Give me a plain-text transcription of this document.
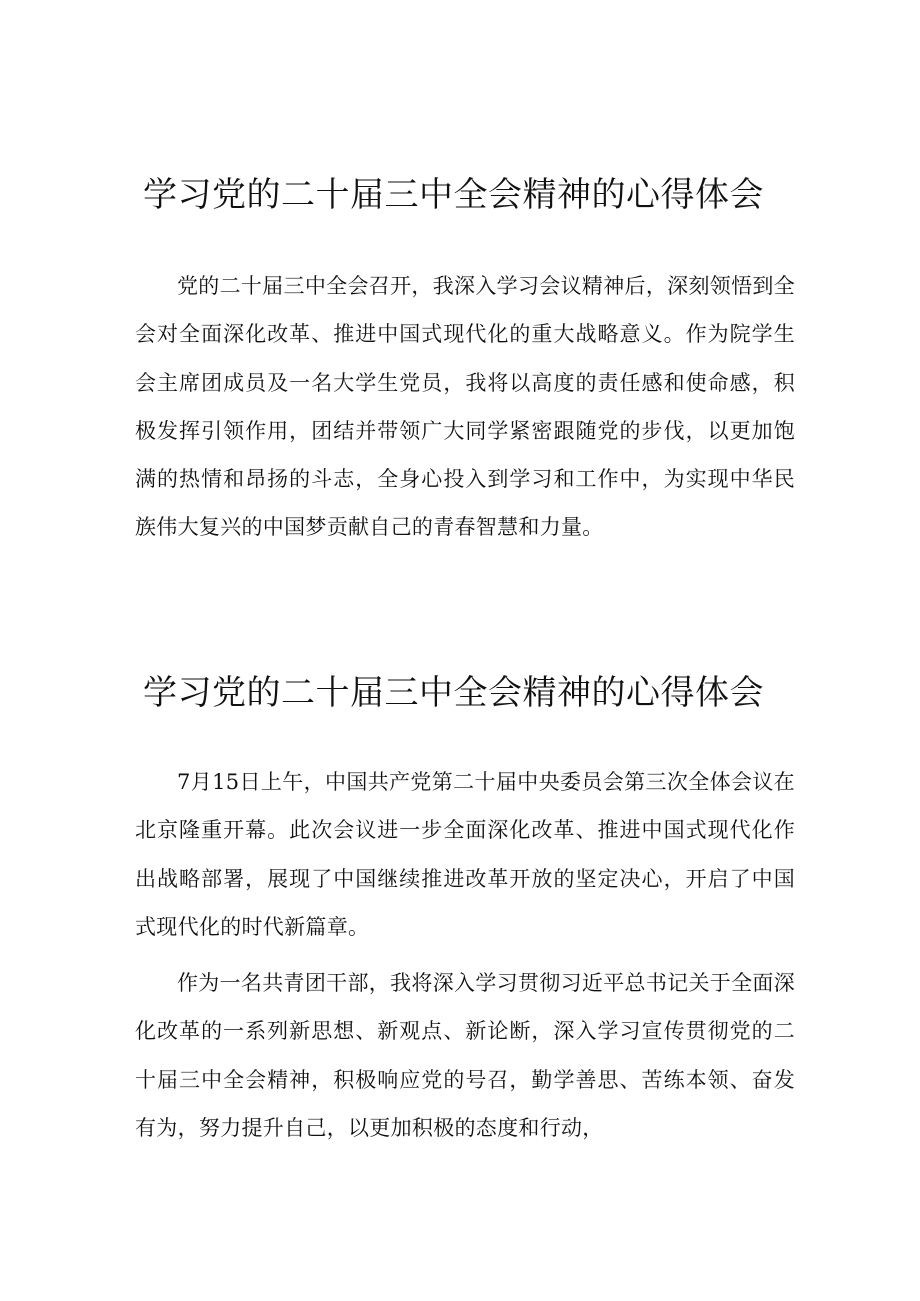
学习党的二十届三中全会精神的心得体会

党的二十届三中全会召开，我深入学习会议精神后，深刻领悟到全会对全面深化改革、推进中国式现代化的重大战略意义。作为院学生会主席团成员及一名大学生党员，我将以高度的责任感和使命感，积极发挥引领作用，团结并带领广大同学紧密跟随党的步伐，以更加饱满的热情和昂扬的斗志，全身心投入到学习和工作中，为实现中华民族伟大复兴的中国梦贡献自己的青春智慧和力量。

学习党的二十届三中全会精神的心得体会

7月15日上午，中国共产党第二十届中央委员会第三次全体会议在北京隆重开幕。此次会议进一步全面深化改革、推进中国式现代化作出战略部署，展现了中国继续推进改革开放的坚定决心，开启了中国式现代化的时代新篇章。

作为一名共青团干部，我将深入学习贯彻习近平总书记关于全面深化改革的一系列新思想、新观点、新论断，深入学习宣传贯彻党的二十届三中全会精神，积极响应党的号召，勤学善思、苦练本领、奋发有为，努力提升自己，以更加积极的态度和行动，
